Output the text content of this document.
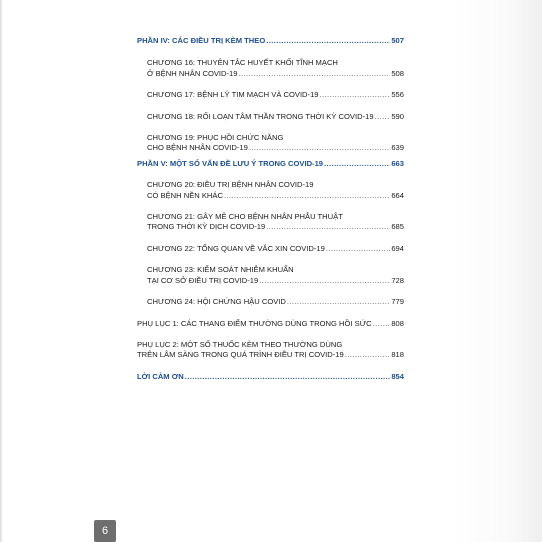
PHẦN IV: CÁC ĐIỀU TRỊ KÈM THEO .....	507
CHƯƠNG 16: THUYÊN TẮC HUYẾT KHỐI TĨNH MẠCH
Ở BỆNH NHÂN COVID-19 .....	508
CHƯƠNG 17: BỆNH LÝ TIM MẠCH VÀ COVID-19 .....	556
CHƯƠNG 18: RỐI LOẠN TÂM THẦN TRONG THỜI KỲ COVID-19 ..... 590
CHƯƠNG 19: PHỤC HỒI CHỨC NĂNG
CHO BỆNH NHÂN COVID-19 .....	639
PHẦN V: MỘT SỐ VẤN ĐỀ LƯU Ý TRONG COVID-19 .....	663
CHƯƠNG 20: ĐIỀU TRỊ BỆNH NHÂN COVID-19
CÓ BỆNH NỀN KHÁC .....	664
CHƯƠNG 21: GÂY MÊ CHO BỆNH NHÂN PHẪU THUẬT
TRONG THỜI KỲ DỊCH COVID-19 .....	685
CHƯƠNG 22: TỔNG QUAN VỀ VẮC XIN COVID-19 .....	694
CHƯƠNG 23: KIỂM SOÁT NHIỄM KHUẨN
TẠI CƠ SỞ ĐIỀU TRỊ COVID-19 .....	728
CHƯƠNG 24: HỘI CHỨNG HẬU COVID .....	779
PHỤ LỤC 1: CÁC THANG ĐIỂM THƯỜNG DÙNG TRONG HỒI SỨC .....	808
PHỤ LỤC 2: MỘT SỐ THUỐC KÈM THEO THƯỜNG DÙNG
TRÊN LÂM SÀNG TRONG QUÁ TRÌNH ĐIỀU TRỊ COVID-19 .....	818
LỜI CẢM ƠN .....	854
6
